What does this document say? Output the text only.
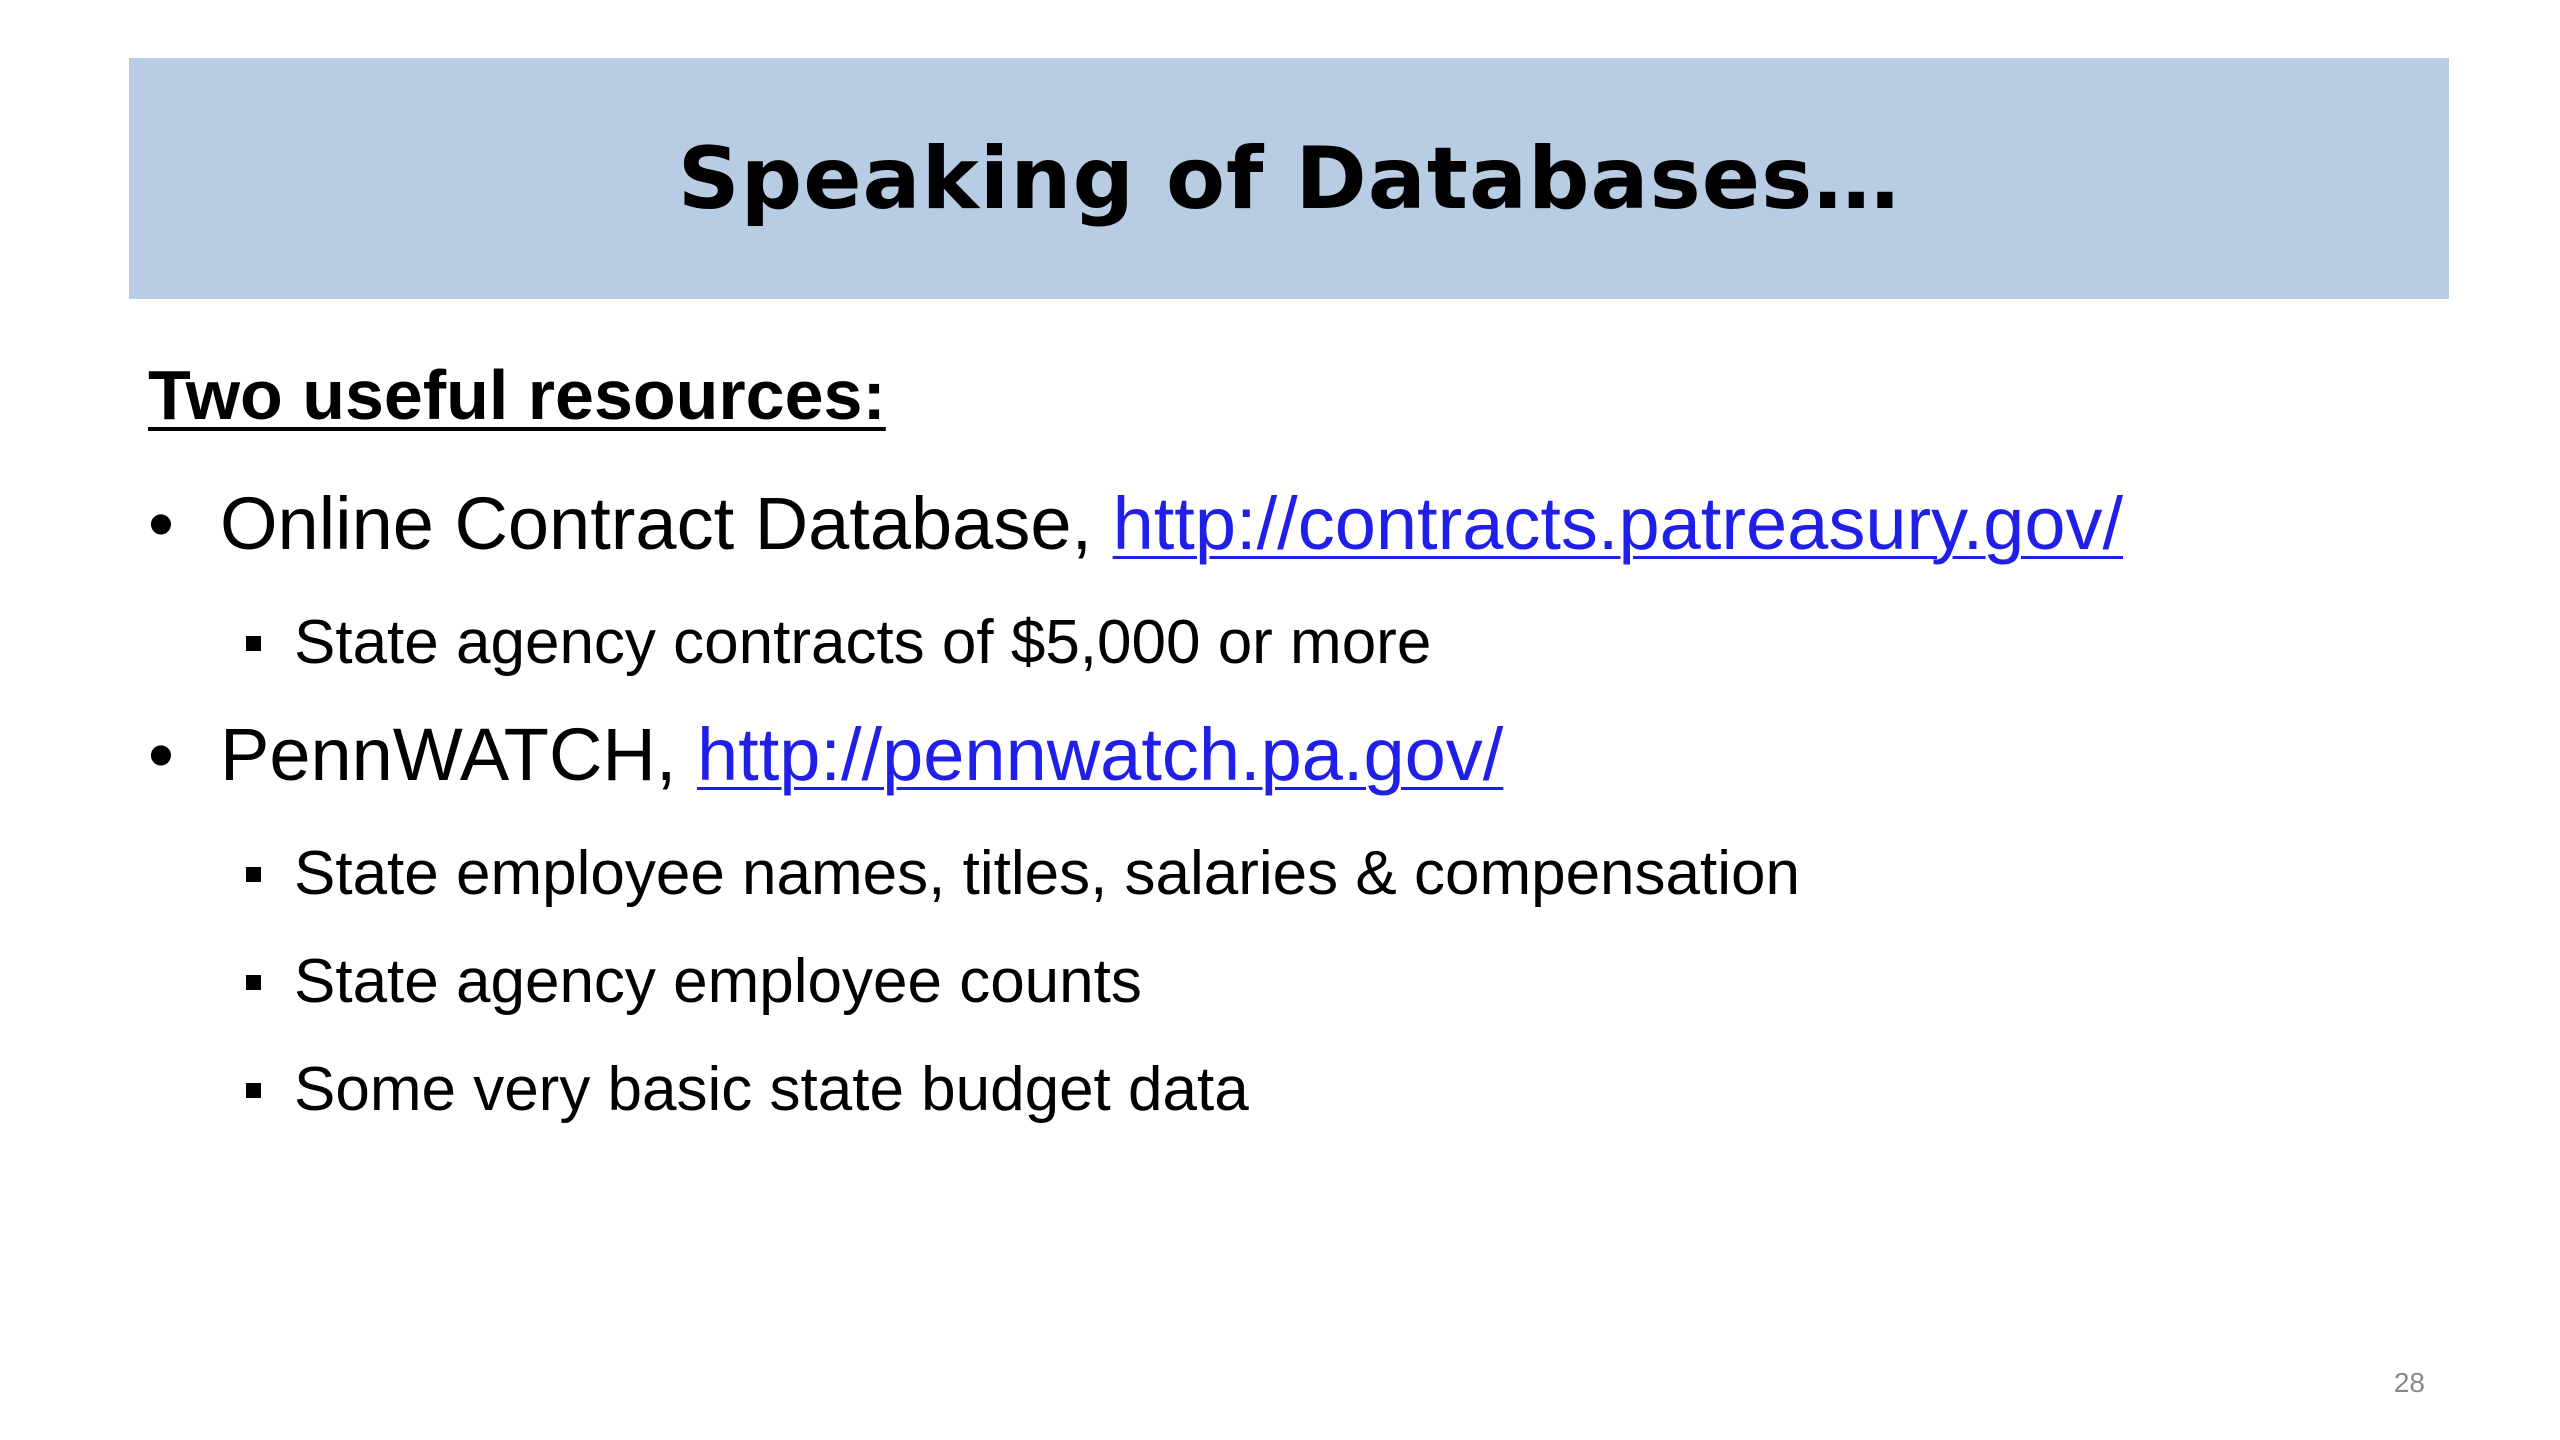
Speaking of Databases…
Two useful resources:
• Online Contract Database, http://contracts.patreasury.gov/
State agency contracts of $5,000 or more
• PennWATCH, http://pennwatch.pa.gov/
State employee names, titles, salaries & compensation
State agency employee counts
Some very basic state budget data
28
